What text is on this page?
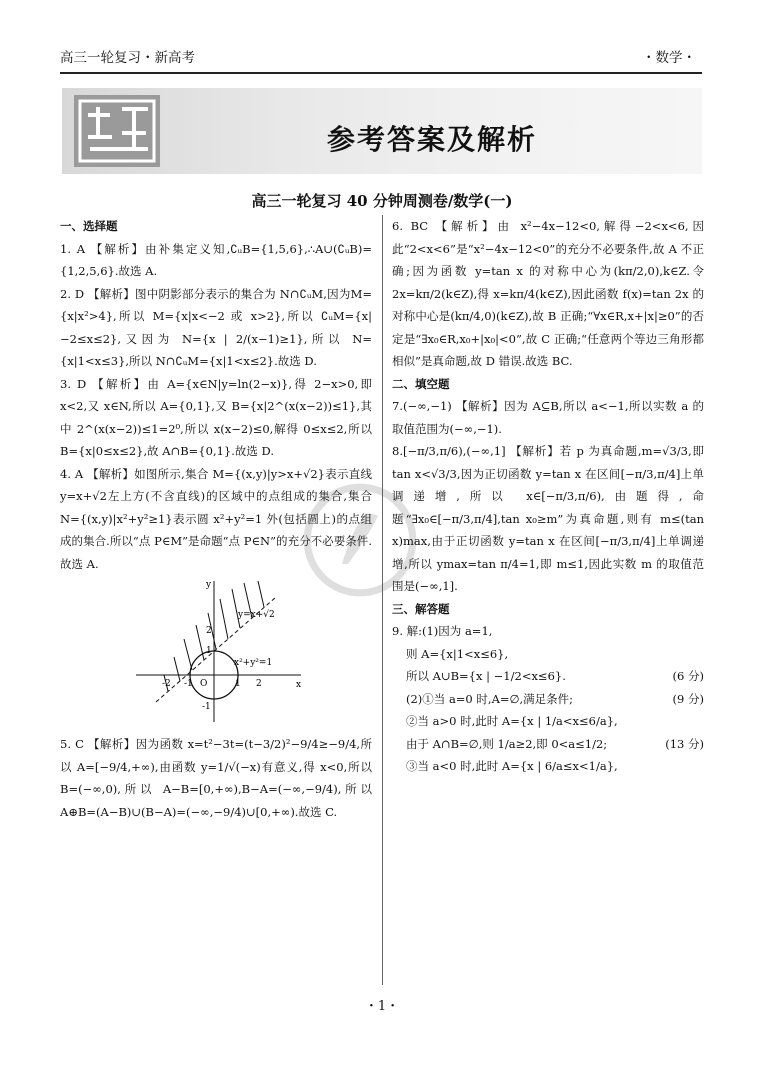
高三一轮复习・新高考	・数学・
参考答案及解析
高三一轮复习 40 分钟周测卷/数学(一)
一、选择题

1. A 【解析】由补集定义知,∁ᵤB={1,5,6},∴A∪(∁ᵤB)={1,2,5,6}.故选 A.

2. D 【解析】图中阴影部分表示的集合为 N∩∁ᵤM,因为M={x|x²>4},所以 M={x|x<−2 或 x>2},所以 ∁ᵤM={x|−2≤x≤2},又因为 N={x | 2/(x−1)≥1},所以 N={x|1<x≤3},所以 N∩∁ᵤM={x|1<x≤2}.故选 D.

3. D 【解析】由 A={x∈N|y=ln(2−x)},得 2−x>0,即 x<2,又 x∈N,所以 A={0,1},又 B={x|2^(x(x−2))≤1},其中 2^(x(x−2))≤1=2⁰,所以 x(x−2)≤0,解得 0≤x≤2,所以 B={x|0≤x≤2},故 A∩B={0,1}.故选 D.

4. A 【解析】如图所示,集合 M={(x,y)|y>x+√2}表示直线 y=x+√2左上方(不含直线)的区域中的点组成的集合,集合 N={(x,y)|x²+y²≥1}表示圆 x²+y²=1 外(包括圆上)的点组成的集合.所以“点 P∈M”是命题“点 P∈N”的充分不必要条件.故选 A.

y=x+√2
x²+y²=1
x
y
O
-2 -1	1 2
2
1
-1

5. C 【解析】因为函数 x=t²−3t=(t−3/2)²−9/4≥−9/4,所以 A=[−9/4,+∞),由函数 y=1/√(−x)有意义,得 x<0,所以 B=(−∞,0),所以 A−B=[0,+∞),B−A=(−∞,−9/4),所以 A⊕B=(A−B)∪(B−A)=(−∞,−9/4)∪[0,+∞).故选 C.

6. BC 【解析】由 x²−4x−12<0,解得−2<x<6,因此“2<x<6”是“x²−4x−12<0”的充分不必要条件,故 A 不正确;因为函数 y=tan x 的对称中心为(kπ/2,0),k∈Z.令 2x=kπ/2(k∈Z),得 x=kπ/4(k∈Z),因此函数 f(x)=tan 2x 的对称中心是(kπ/4,0)(k∈Z),故 B 正确;“∀x∈R,x+|x|≥0”的否定是“∃x₀∈R,x₀+|x₀|<0”,故 C 正确;“任意两个等边三角形都相似”是真命题,故 D 错误.故选 BC.

二、填空题

7.(−∞,−1) 【解析】因为 A⊆B,所以 a<−1,所以实数 a 的取值范围为(−∞,−1).

8.[−π/3,π/6),(−∞,1] 【解析】若 p 为真命题,m=√3/3,即 tan x<√3/3,因为正切函数 y=tan x 在区间[−π/3,π/4]上单调递增,所以 x∈[−π/3,π/6),由题得,命题“∃x₀∈[−π/3,π/4],tan x₀≥m”为真命题,则有 m≤(tan x)max,由于正切函数 y=tan x 在区间[−π/3,π/4]上单调递增,所以 ymax=tan π/4=1,即 m≤1,因此实数 m 的取值范围是(−∞,1].

三、解答题

9. 解:(1)因为 a=1,

则 A={x|1<x≤6},

所以 A∪B={x | −1/2<x≤6}.	(6 分)

(2)①当 a=0 时,A=∅,满足条件;	(9 分)

②当 a>0 时,此时 A={x | 1/a<x≤6/a},

由于 A∩B=∅,则 1/a≥2,即 0<a≤1/2;	(13 分)

③当 a<0 时,此时 A={x | 6/a≤x<1/a},

・1・
